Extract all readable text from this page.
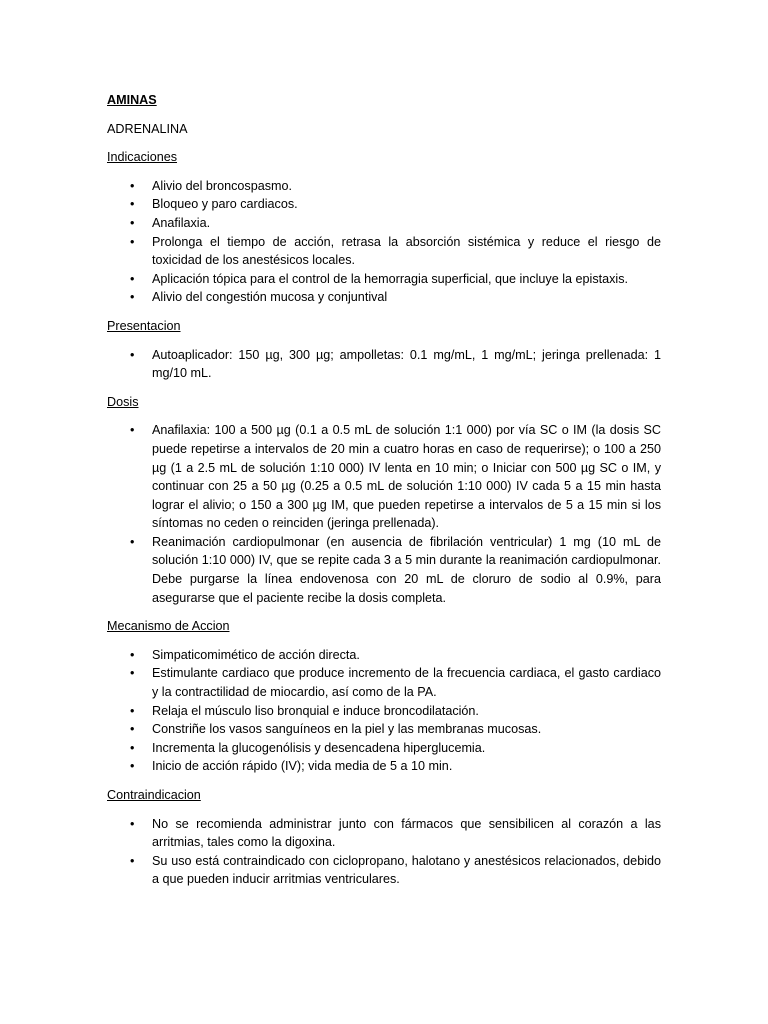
AMINAS
ADRENALINA
Indicaciones
• Alivio del broncospasmo.
• Bloqueo y paro cardiacos.
• Anafilaxia.
• Prolonga el tiempo de acción, retrasa la absorción sistémica y reduce el riesgo de toxicidad de los anestésicos locales.
• Aplicación tópica para el control de la hemorragia superficial, que incluye la epistaxis.
• Alivio del congestión mucosa y conjuntival
Presentacion
• Autoaplicador: 150 µg, 300 µg; ampolletas: 0.1 mg/mL, 1 mg/mL; jeringa prellenada: 1 mg/10 mL.
Dosis
• Anafilaxia: 100 a 500 µg (0.1 a 0.5 mL de solución 1:1 000) por vía SC o IM (la dosis SC puede repetirse a intervalos de 20 min a cuatro horas en caso de requerirse); o 100 a 250 µg (1 a 2.5 mL de solución 1:10 000) IV lenta en 10 min; o Iniciar con 500 µg SC o IM, y continuar con 25 a 50 µg (0.25 a 0.5 mL de solución 1:10 000) IV cada 5 a 15 min hasta lograr el alivio; o 150 a 300 µg IM, que pueden repetirse a intervalos de 5 a 15 min si los síntomas no ceden o reinciden (jeringa prellenada).
• Reanimación cardiopulmonar (en ausencia de fibrilación ventricular) 1 mg (10 mL de solución 1:10 000) IV, que se repite cada 3 a 5 min durante la reanimación cardiopulmonar. Debe purgarse la línea endovenosa con 20 mL de cloruro de sodio al 0.9%, para asegurarse que el paciente recibe la dosis completa.
Mecanismo de Accion
• Simpaticomimético de acción directa.
• Estimulante cardiaco que produce incremento de la frecuencia cardiaca, el gasto cardiaco y la contractilidad de miocardio, así como de la PA.
• Relaja el músculo liso bronquial e induce broncodilatación.
• Constriñe los vasos sanguíneos en la piel y las membranas mucosas.
• Incrementa la glucogenólisis y desencadena hiperglucemia.
• Inicio de acción rápido (IV); vida media de 5 a 10 min.
Contraindicacion
• No se recomienda administrar junto con fármacos que sensibilicen al corazón a las arritmias, tales como la digoxina.
• Su uso está contraindicado con ciclopropano, halotano y anestésicos relacionados, debido a que pueden inducir arritmias ventriculares.
